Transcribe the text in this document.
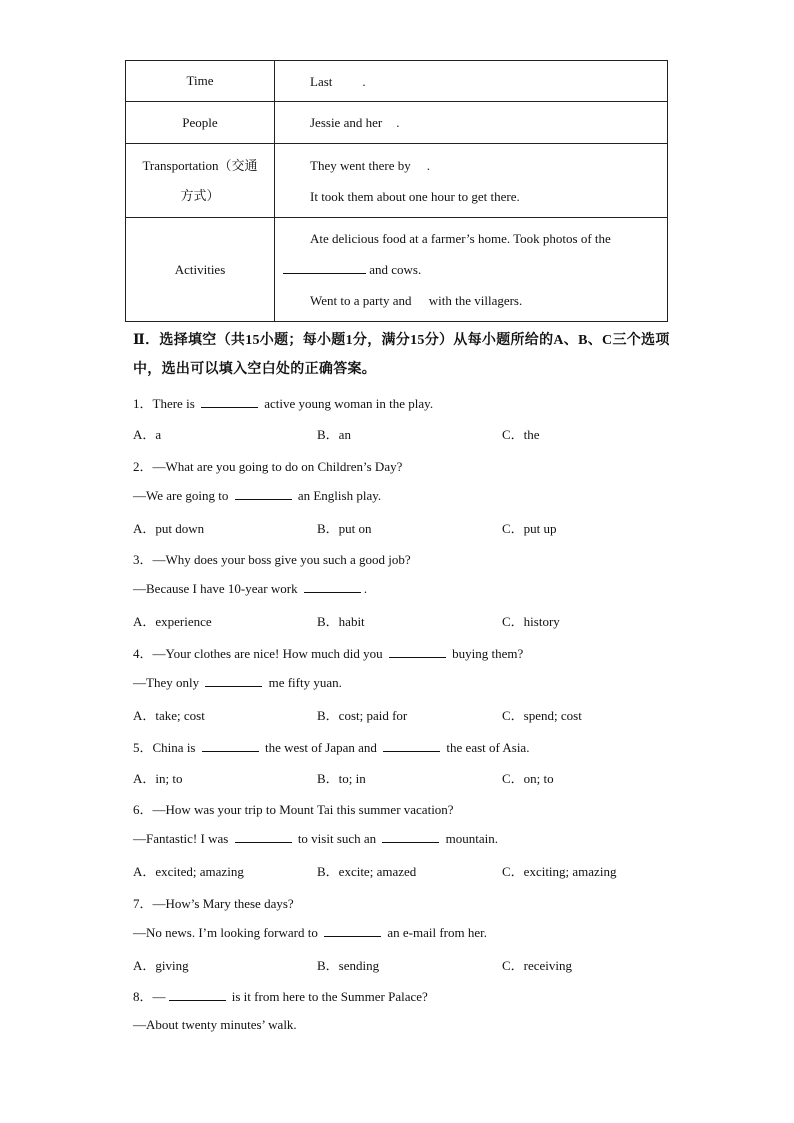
Time	Last .
People	Jessie and her .
Transportation（交通方式）	They went there by .
It took them about one hour to get there.

Activities	Ate delicious food at a farmer’s home. Took photos of the
and cows.
Went to a party and with the villagers.
Ⅱ．选择填空（共15小题；每小题1分，满分15分）从每小题所给的A、B、C三个选项中，选出可以填入空白处的正确答案。
1．There is	active young woman in the play.
A．a	B．an	C．the
2．—What are you going to do on Children’s Day?
—We are going to	an English play.
A．put down	B．put on	C．put up
3．—Why does your boss give you such a good job?
—Because I have 10-year work	.
A．experience	B．habit	C．history
4．—Your clothes are nice! How much did you	buying them?
—They only	me fifty yuan.
A．take; cost	B．cost; paid for	C．spend; cost
5．China is	the west of Japan and	the east of Asia.
A．in; to	B．to; in	C．on; to
6．—How was your trip to Mount Tai this summer vacation?
—Fantastic! I was	to visit such an	mountain.
A．excited; amazing	B．excite; amazed	C．exciting; amazing
7．—How’s Mary these days?
—No news. I’m looking forward to	an e-mail from her.
A．giving	B．sending	C．receiving
8．—	is it from here to the Summer Palace?
—About twenty minutes’ walk.
